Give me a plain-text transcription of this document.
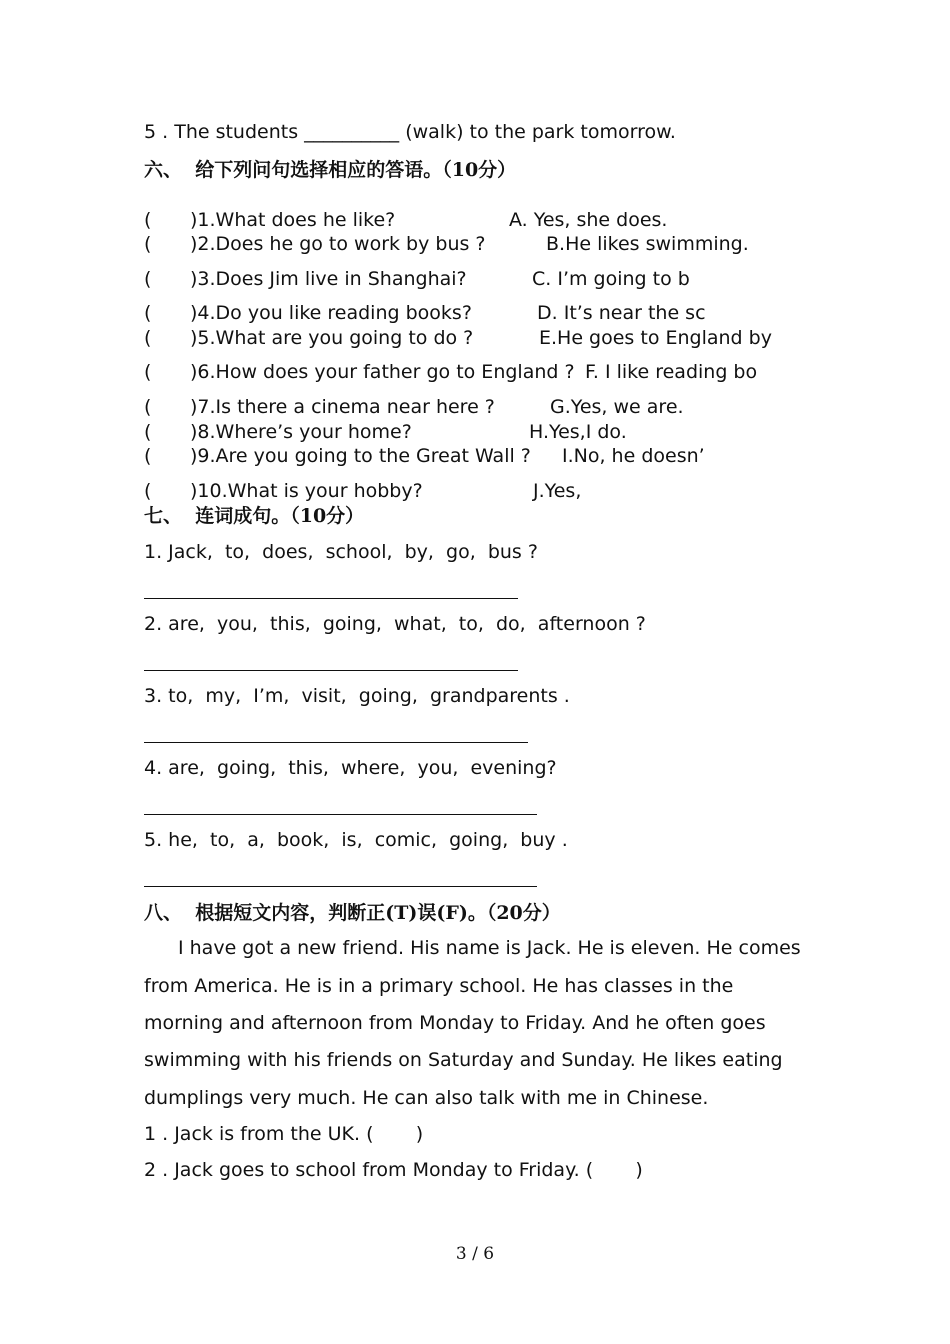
5 . The students __________ (walk) to the park tomorrow.
六、  给下列问句选择相应的答语。（10分）
( )1.What does he like?	A. Yes, she does.
( )2.Does he go to work by bus ?	B.He likes swimming.
( )3.Does Jim live in Shanghai?	C. I’m going to b
( )4.Do you like reading books?	D. It’s near the sc
( )5.What are you going to do ?	E.He goes to England by
( )6.How does your father go to England ? F. I like reading bo
( )7.Is there a cinema near here ?	G.Yes, we are.
( )8.Where’s your home?	H.Yes,I do.
( )9.Are you going to the Great Wall ? I.No, he doesn’
( )10.What is your hobby?	J.Yes,
七、  连词成句。（10分）
1. Jack,  to,  does,  school,  by,  go,  bus ?
2. are,  you,  this,  going,  what,  to,  do,  afternoon ?
3. to,  my,  I’m,  visit,  going,  grandparents .
4. are,  going,  this,  where,  you,  evening?
5. he,  to,  a,  book,  is,  comic,  going,  buy .
八、  根据短文内容，判断正(T)误(F)。（20分）
I have got a new friend. His name is Jack. He is eleven. He comes
from America. He is in a primary school. He has classes in the
morning and afternoon from Monday to Friday. And he often goes
swimming with his friends on Saturday and Sunday. He likes eating
dumplings very much. He can also talk with me in Chinese.
1 . Jack is from the UK. (       )
2 . Jack goes to school from Monday to Friday. (       )
3 / 6
